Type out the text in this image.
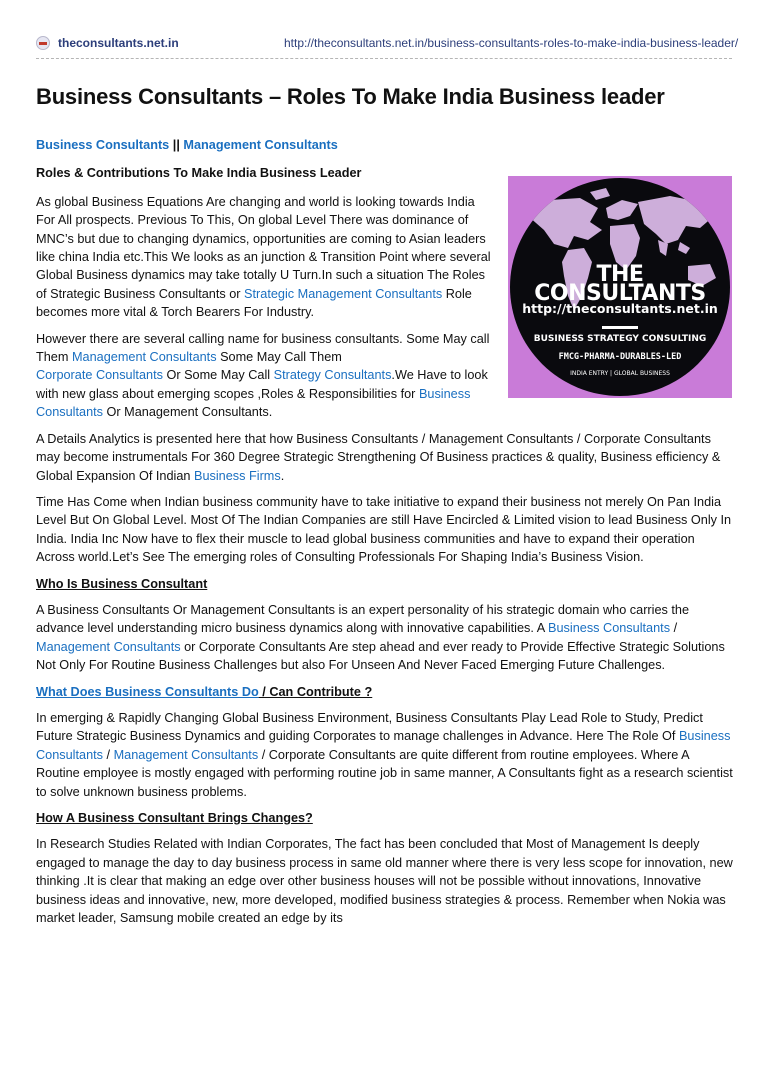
theconsultants.net.in	http://theconsultants.net.in/business-consultants-roles-to-make-india-business-leader/
Business Consultants – Roles To Make India Business leader

Business Consultants || Management Consultants

THE CONSULTANTS
http://theconsultants.net.in
BUSINESS STRATEGY CONSULTING
FMCG-PHARMA-DURABLES-LED
INDIA ENTRY | GLOBAL BUSINESS

Roles & Contributions To Make India Business Leader

As global Business Equations Are changing and world is looking towards India For All prospects. Previous To This, On global Level There was dominance of MNC’s but due to changing dynamics, opportunities are coming to Asian leaders like china India etc.This We looks as an junction & Transition Point where several Global Business dynamics may take totally U Turn.In such a situation The Roles of Strategic Business Consultants or Strategic Management Consultants Role becomes more vital & Torch Bearers For Industry.

However there are several calling name for business consultants. Some May call Them Management Consultants Some May Call Them
Corporate Consultants Or Some May Call Strategy Consultants.We Have to look with new glass about emerging scopes ,Roles & Responsibilities for Business Consultants Or Management Consultants.

A Details Analytics is presented here that how Business Consultants / Management Consultants / Corporate Consultants may become instrumentals For 360 Degree Strategic Strengthening Of Business practices & quality, Business efficiency & Global Expansion Of Indian Business Firms.

Time Has Come when Indian business community have to take initiative to expand their business not merely On Pan India Level But On Global Level. Most Of The Indian Companies are still Have Encircled & Limited vision to lead Business Only In India. India Inc Now have to flex their muscle to lead global business communities and have to expand their operation Across world.Let’s See The emerging roles of Consulting Professionals For Shaping India’s Business Vision.

Who Is Business Consultant

A Business Consultants Or Management Consultants is an expert personality of his strategic domain who carries the advance level understanding micro business dynamics along with innovative capabilities. A Business Consultants / Management Consultants or Corporate Consultants Are step ahead and ever ready to Provide Effective Strategic Solutions Not Only For Routine Business Challenges but also For Unseen And Never Faced Emerging Future Challenges.

What Does Business Consultants Do / Can Contribute ?

In emerging & Rapidly Changing Global Business Environment, Business Consultants Play Lead Role to Study, Predict Future Strategic Business Dynamics and guiding Corporates to manage challenges in Advance. Here The Role Of Business Consultants / Management Consultants / Corporate Consultants are quite different from routine employees. Where A Routine employee is mostly engaged with performing routine job in same manner, A Consultants fight as a research scientist to solve unknown business problems.

How A Business Consultant Brings Changes?

In Research Studies Related with Indian Corporates, The fact has been concluded that Most of Management Is deeply engaged to manage the day to day business process in same old manner where there is very less scope for innovation, new thinking .It is clear that making an edge over other business houses will not be possible without innovations, Innovative business ideas and innovative, new, more developed, modified business strategies & process. Remember when Nokia was market leader, Samsung mobile created an edge by its
